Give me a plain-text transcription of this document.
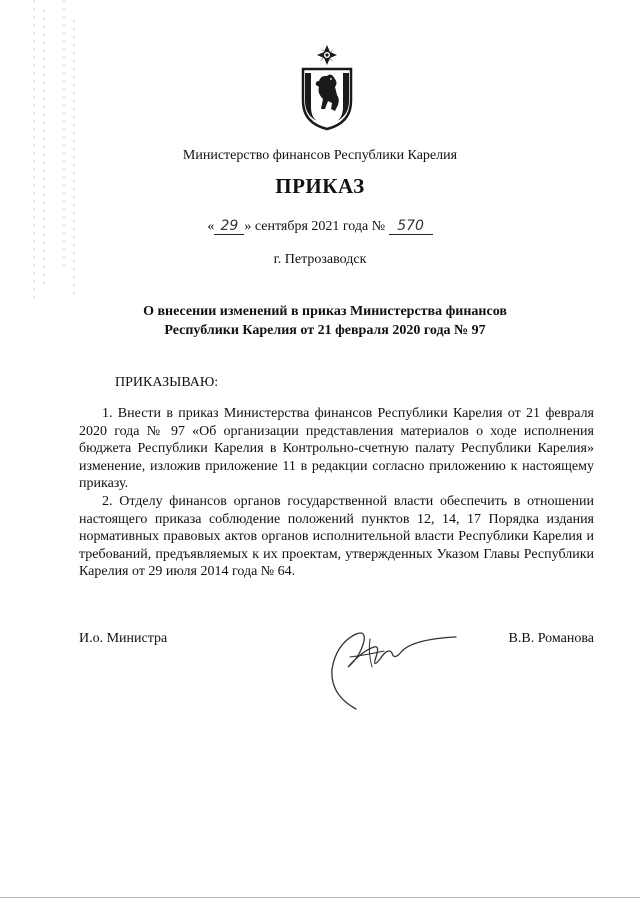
Министерство финансов Республики Карелия
ПРИКАЗ
« 29 » сентября 2021 года № 570
г. Петрозаводск
О внесении изменений в приказ Министерства финансов
Республики Карелия от 21 февраля 2020 года № 97
ПРИКАЗЫВАЮ:

1. Внести в приказ Министерства финансов Республики Карелия от 21 февраля 2020 года № 97 «Об организации представления материалов о ходе исполнения бюджета Республики Карелия в Контрольно-счетную палату Республики Карелия» изменение, изложив приложение 11 в редакции согласно приложению к настоящему приказу.

2. Отделу финансов органов государственной власти обеспечить в отношении настоящего приказа соблюдение положений пунктов 12, 14, 17 Порядка издания нормативных правовых актов органов исполнительной власти Республики Карелия и требований, предъявляемых к их проектам, утвержденных Указом Главы Республики Карелия от 29 июля 2014 года № 64.

И.о. Министра	В.В. Романова
